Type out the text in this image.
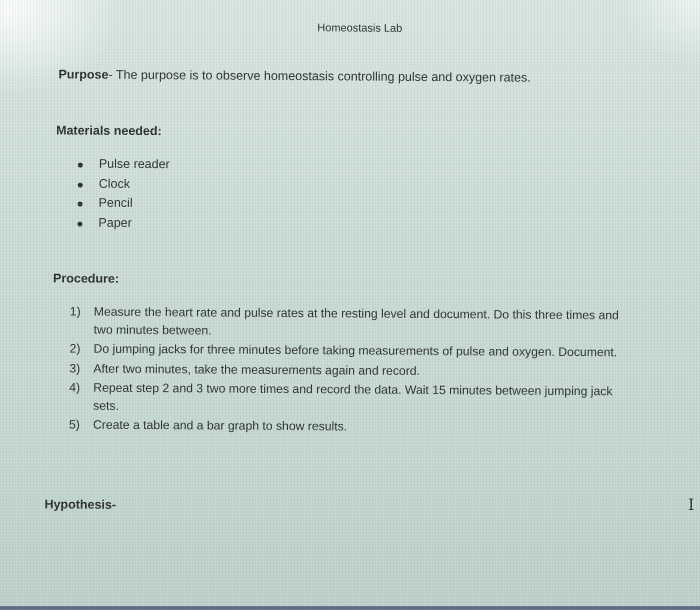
Homeostasis Lab
Purpose- The purpose is to observe homeostasis controlling pulse and oxygen rates.
Materials needed:
Pulse reader
Clock
Pencil
Paper
Procedure:
1)	Measure the heart rate and pulse rates at the resting level and document. Do this three times and two minutes between.
2)	Do jumping jacks for three minutes before taking measurements of pulse and oxygen. Document.
3)	After two minutes, take the measurements again and record.
4)	Repeat step 2 and 3 two more times and record the data. Wait 15 minutes between jumping jack sets.
5)	Create a table and a bar graph to show results.
Hypothesis-	I
